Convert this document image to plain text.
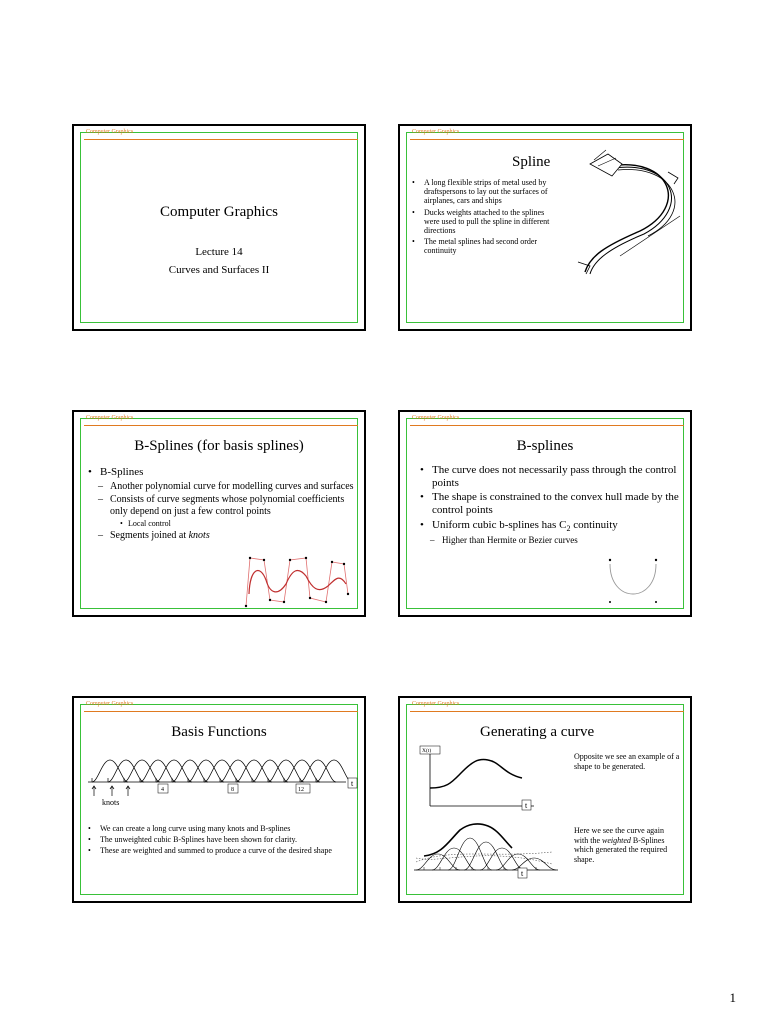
Computer Graphics
Computer Graphics
Lecture 14
Curves and Surfaces II
Computer Graphics
Spline
• A long flexible strips of metal used by draftspersons to lay out the surfaces of airplanes, cars and ships
• Ducks weights attached to the splines were used to pull the spline in different directions
• The metal splines had second order continuity
Computer Graphics
B-Splines (for basis splines)
• B-Splines
– Another polynomial curve for modelling curves and surfaces
– Consists of curve segments whose polynomial coefficients only depend on just a few control points
• Local control
– Segments joined at knots
Computer Graphics
B-splines
• The curve does not necessarily pass through the control points
• The shape is constrained to the convex hull made by the control points
• Uniform cubic b-splines has $C_2$ continuity
– Higher than Hermite or Bezier curves
Computer Graphics
Basis Functions
4	8	12
t
knots
• We can create a long curve using many knots and B-splines
• The unweighted cubic B-Splines have been shown for clarity.
• These are weighted and summed to produce a curve of the desired shape
Computer Graphics
Generating a curve
X(t)
t
Opposite we see an example of a shape to be generated.
t
Here we see the curve again with the weighted B-Splines which generated the required shape.
1
